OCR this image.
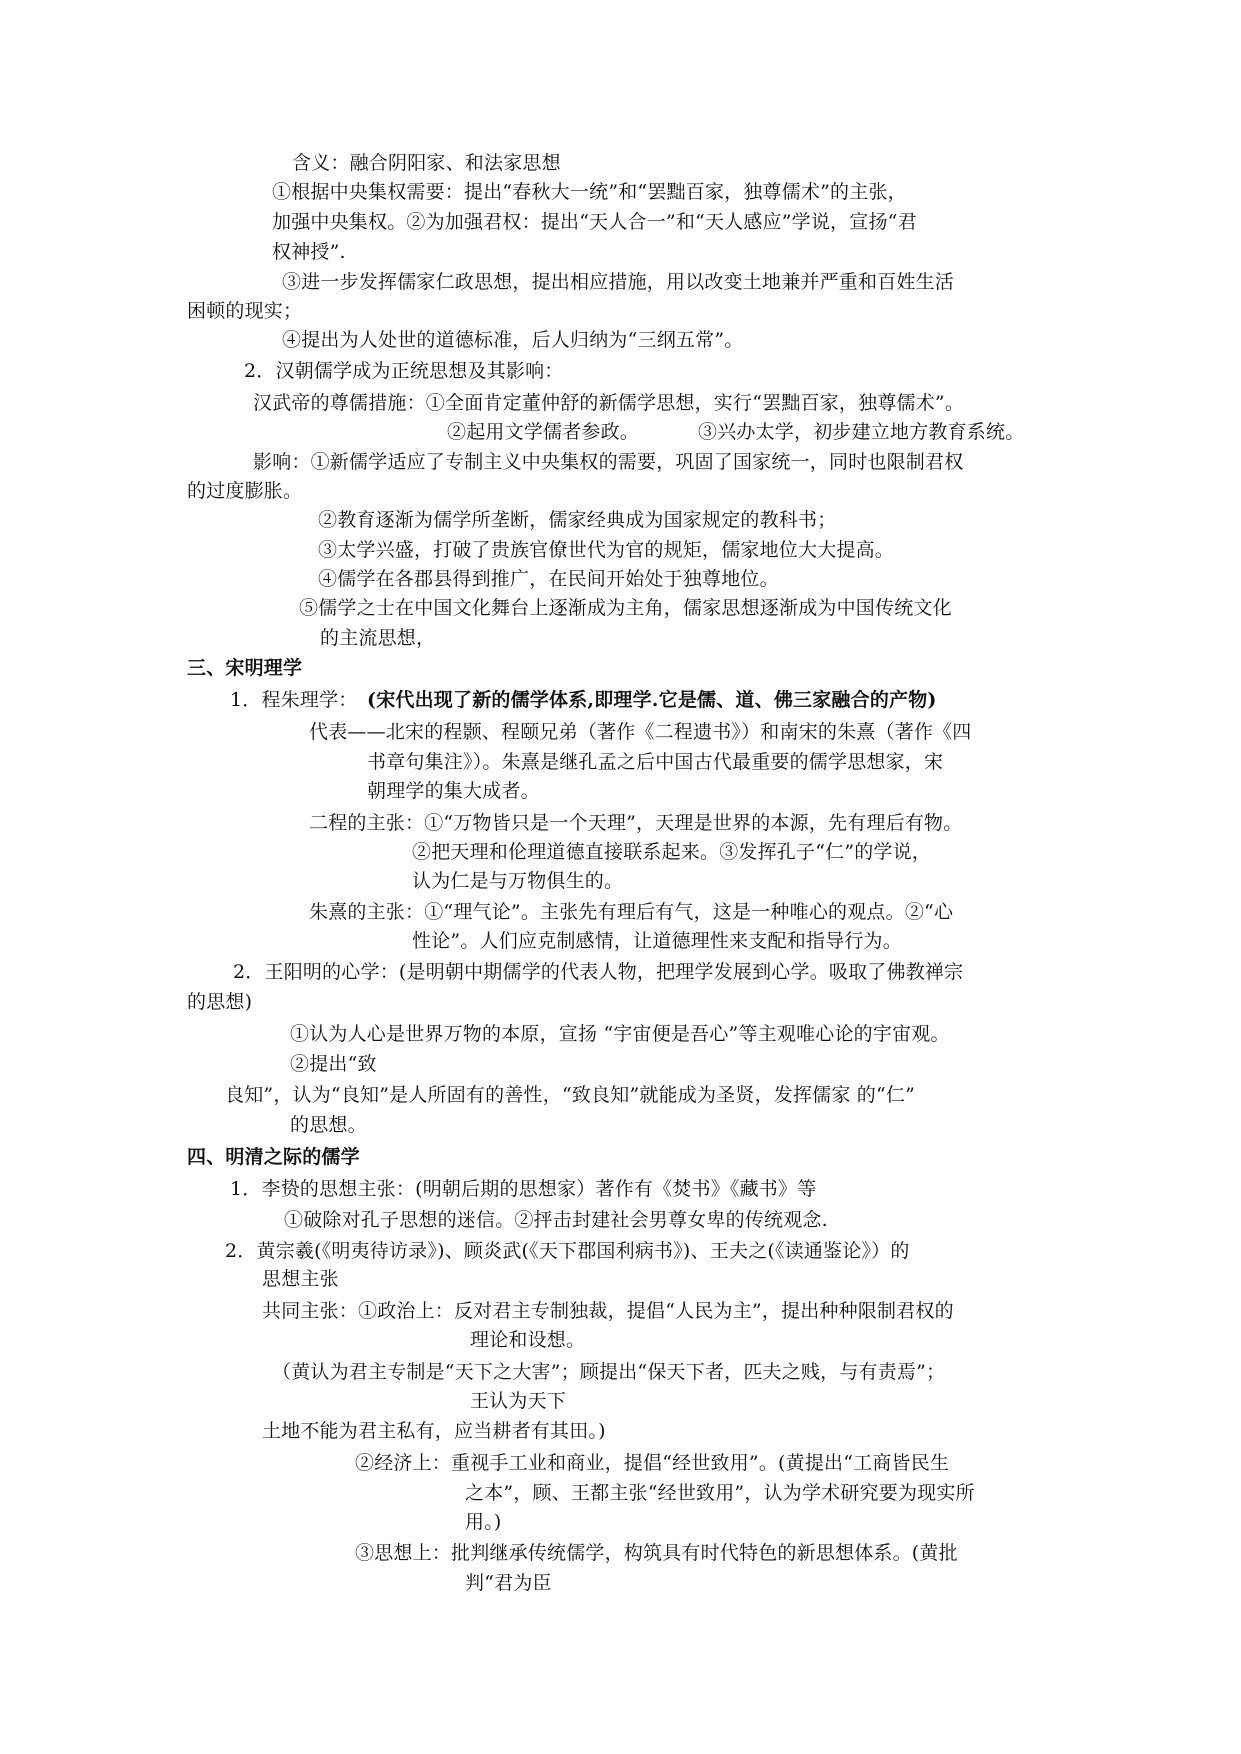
含义：融合阴阳家、和法家思想

①根据中央集权需要：提出“春秋大一统”和“罢黜百家，独尊儒术”的主张，

加强中央集权。②为加强君权：提出“天人合一”和“天人感应”学说，宣扬“君

权神授”.

③进一步发挥儒家仁政思想，提出相应措施，用以改变土地兼并严重和百姓生活

困顿的现实；

④提出为人处世的道德标准，后人归纳为“三纲五常”。

2．汉朝儒学成为正统思想及其影响：

汉武帝的尊儒措施：①全面肯定董仲舒的新儒学思想，实行“罢黜百家，独尊儒术”。

②起用文学儒者参政。	③兴办太学，初步建立地方教育系统。

影响：①新儒学适应了专制主义中央集权的需要，巩固了国家统一，同时也限制君权

的过度膨胀。

②教育逐渐为儒学所垄断，儒家经典成为国家规定的教科书；

③太学兴盛，打破了贵族官僚世代为官的规矩，儒家地位大大提高。

④儒学在各郡县得到推广，在民间开始处于独尊地位。

⑤儒学之士在中国文化舞台上逐渐成为主角，儒家思想逐渐成为中国传统文化

的主流思想，

三、宋明理学

1．程朱理学： (宋代出现了新的儒学体系,即理学.它是儒、道、佛三家融合的产物)

代表——北宋的程颢、程颐兄弟（著作《二程遗书》）和南宋的朱熹（著作《四

书章句集注》）。朱熹是继孔孟之后中国古代最重要的儒学思想家，宋

朝理学的集大成者。

二程的主张：①“万物皆只是一个天理”，天理是世界的本源，先有理后有物。

②把天理和伦理道德直接联系起来。③发挥孔子“仁”的学说，

认为仁是与万物俱生的。

朱熹的主张：①“理气论”。主张先有理后有气，这是一种唯心的观点。②“心

性论”。人们应克制感情，让道德理性来支配和指导行为。

2．王阳明的心学：(是明朝中期儒学的代表人物，把理学发展到心学。吸取了佛教禅宗

的思想)

①认为人心是世界万物的本原，宣扬 “宇宙便是吾心”等主观唯心论的宇宙观。

②提出“致

良知”，认为“良知”是人所固有的善性，“致良知”就能成为圣贤，发挥儒家 的“仁”

的思想。

四、明清之际的儒学

1．李贽的思想主张：(明朝后期的思想家）著作有《焚书》《藏书》等

①破除对孔子思想的迷信。②抨击封建社会男尊女卑的传统观念.

2．黄宗羲(《明夷待访录》)、顾炎武(《天下郡国利病书》)、王夫之(《读通鉴论》）的

思想主张

共同主张：①政治上：反对君主专制独裁，提倡“人民为主”，提出种种限制君权的

理论和设想。

（黄认为君主专制是“天下之大害”；顾提出“保天下者，匹夫之贱，与有责焉”；

王认为天下

土地不能为君主私有，应当耕者有其田。)

②经济上：重视手工业和商业，提倡“经世致用”。(黄提出“工商皆民生

之本”，顾、王都主张“经世致用”，认为学术研究要为现实所

用。)

③思想上：批判继承传统儒学，构筑具有时代特色的新思想体系。(黄批

判“君为臣
